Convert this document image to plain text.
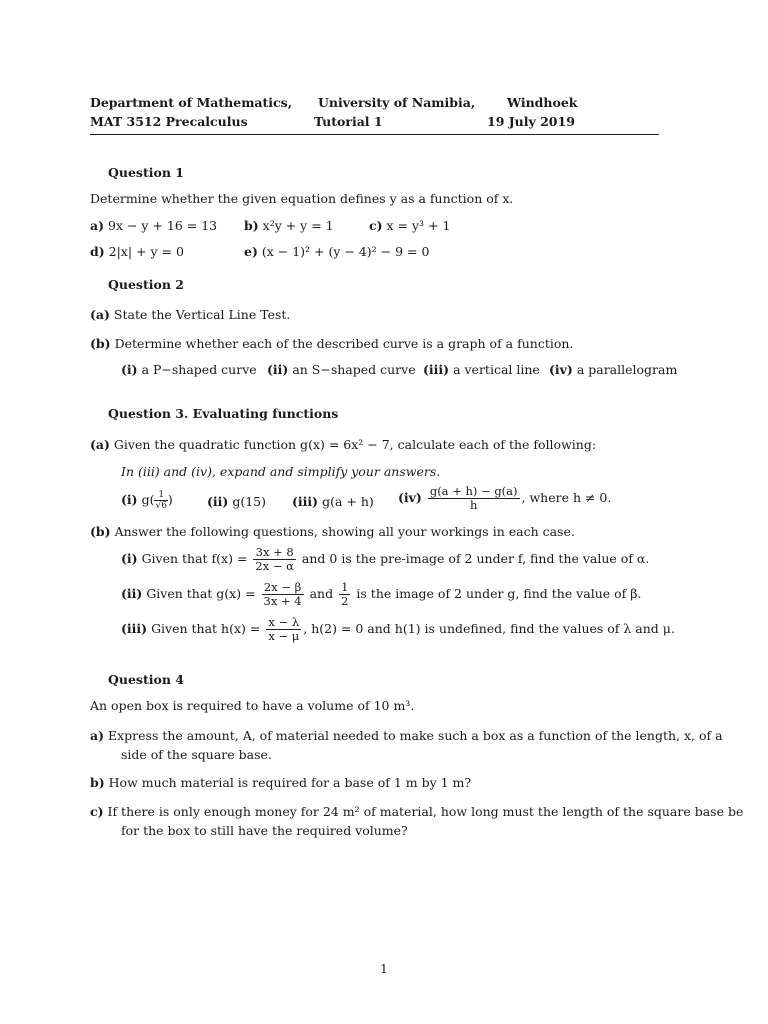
Department of Mathematics, University of Namibia,	Windhoek
MAT 3512 Precalculus	Tutorial 1	19 July 2019
Question 1
Determine whether the given equation defines y as a function of x.
a) 9x − y + 16 = 13 b) x²y + y = 1	c) x = y³ + 1
d) 2|x| + y = 0	e) (x − 1)² + (y − 4)² − 9 = 0
Question 2
(a) State the Vertical Line Test.
(b) Determine whether each of the described curve is a graph of a function.
(i) a P−shaped curve (ii) an S−shaped curve (iii) a vertical line (iv) a parallelogram
Question 3. Evaluating functions
(a) Given the quadratic function g(x) = 6x² − 7, calculate each of the following:
In (iii) and (iv), expand and simplify your answers.
(i) $g( \frac{1}{√6}$ )	(ii) g(15) (iii) g(a + h) $(iv) \frac{g(a + h) - g(a)}{h}$ , where h ≠ 0.
(b) Answer the following questions, showing all your workings in each case.
(i) Given that $f(x) = \frac{3x + 8}{2x - \alpha}$ and 0 is the pre-image of 2 under f, find the value of α.
(ii) Given that $g(x) = \frac{2x - \beta}{3x + 4}$ and $\frac{1}{2}$ is the image of 2 under g, find the value of β.
(iii) Given that $h(x) = \frac{x - \lambda}{x - \mu}$ , h(2) = 0 and h(1) is undefined, find the values of λ and μ.
Question 4
An open box is required to have a volume of 10 m³.
a) Express the amount, A, of material needed to make such a box as a function of the length, x, of a
side of the square base.
b) How much material is required for a base of 1 m by 1 m?
c) If there is only enough money for 24 m² of material, how long must the length of the square base be
for the box to still have the required volume?
1
